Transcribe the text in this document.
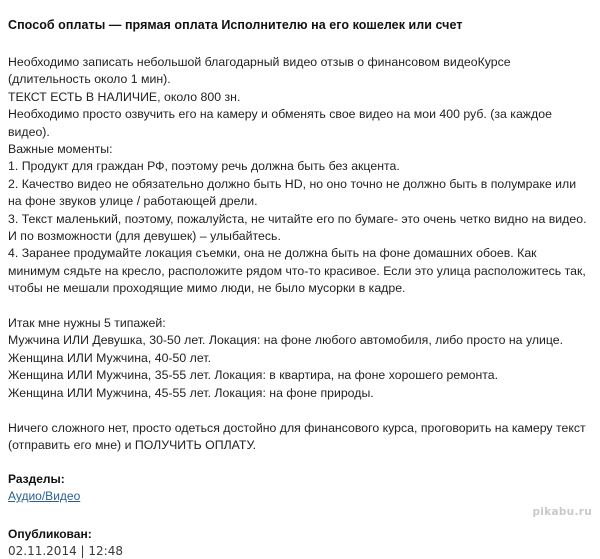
Способ оплаты — прямая оплата Исполнителю на его кошелек или счет

Необходимо записать небольшой благодарный видео отзыв о финансовом видеоКурсе (длительность около 1 мин).

ТЕКСТ ЕСТЬ В НАЛИЧИЕ, около 800 зн.

Необходимо просто озвучить его на камеру и обменять свое видео на мои 400 руб. (за каждое видео).

Важные моменты:

1. Продукт для граждан РФ, поэтому речь должна быть без акцента.

2. Качество видео не обязательно должно быть HD, но оно точно не должно быть в полумраке или на фоне звуков улице / работающей дрели.

3. Текст маленький, поэтому, пожалуйста, не читайте его по бумаге- это очень четко видно на видео. И по возможности (для девушек) – улыбайтесь.

4. Заранее продумайте локация съемки, она не должна быть на фоне домашних обоев. Как минимум сядьте на кресло, расположите рядом что-то красивое. Если это улица расположитесь так, чтобы не мешали проходящие мимо люди, не было мусорки в кадре.

Итак мне нужны 5 типажей:

Мужчина ИЛИ Девушка, 30-50 лет. Локация: на фоне любого автомобиля, либо просто на улице.

Женщина ИЛИ Мужчина, 40-50 лет.

Женщина ИЛИ Мужчина, 35-55 лет. Локация: в квартира, на фоне хорошего ремонта.

Женщина ИЛИ Мужчина, 45-55 лет. Локация: на фоне природы.

Ничего сложного нет, просто одеться достойно для финансового курса, проговорить на камеру текст (отправить его мне) и ПОЛУЧИТЬ ОПЛАТУ.

Разделы:

Аудио/Видео

Опубликован:

02.11.2014 | 12:48

pikabu.ru
